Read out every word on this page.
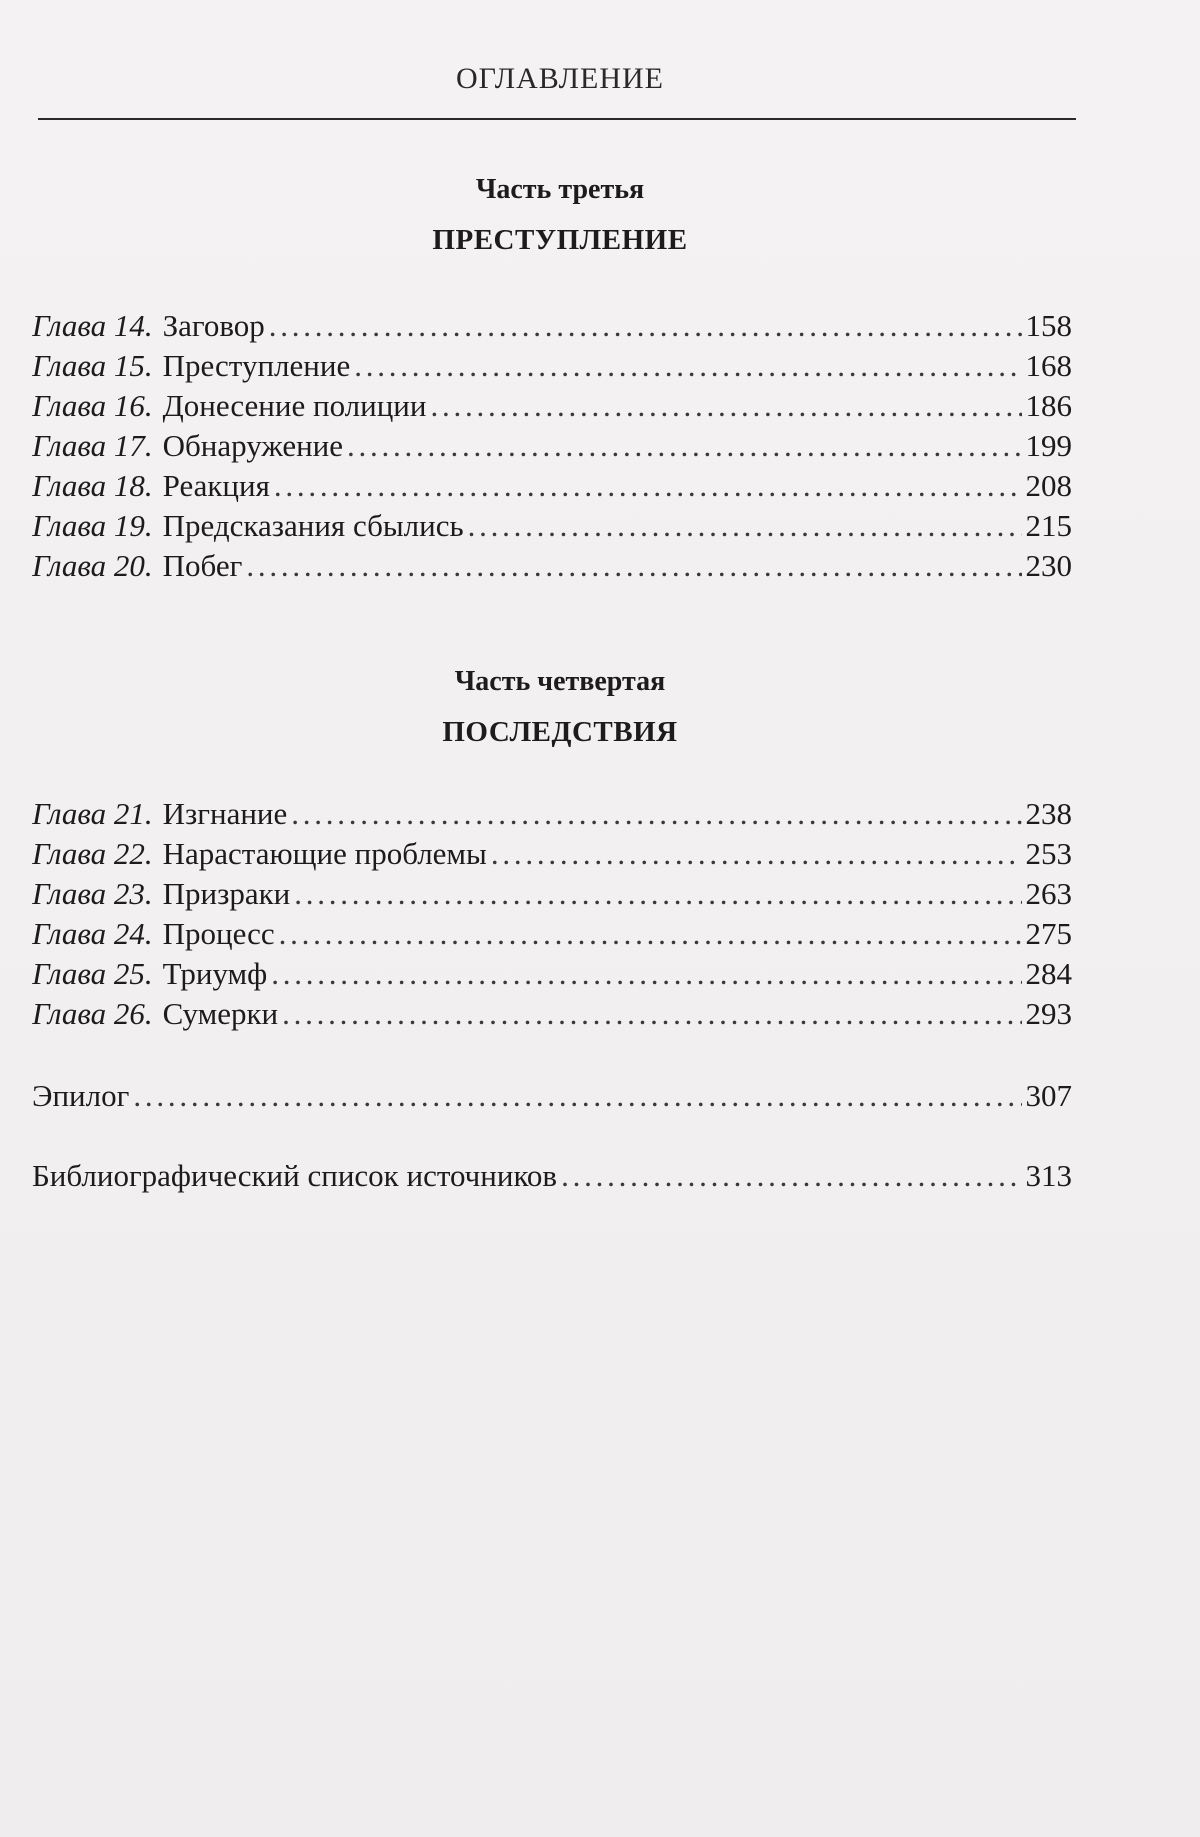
ОГЛАВЛЕНИЕ
Часть третья
ПРЕСТУПЛЕНИЕ
Глава 14. Заговор . . .	158
Глава 15. Преступление . . .	168
Глава 16. Донесение полиции . . .	186
Глава 17. Обнаружение . . .	199
Глава 18. Реакция . . .	208
Глава 19. Предсказания сбылись . . .	215
Глава 20. Побег . . .	230
Часть четвертая
ПОСЛЕДСТВИЯ
Глава 21. Изгнание . . .	238
Глава 22. Нарастающие проблемы . . .	253
Глава 23. Призраки . . .	263
Глава 24. Процесс . . .	275
Глава 25. Триумф . . .	284
Глава 26. Сумерки . . .	293
Эпилог . . .	307
Библиографический список источников . . .	313
